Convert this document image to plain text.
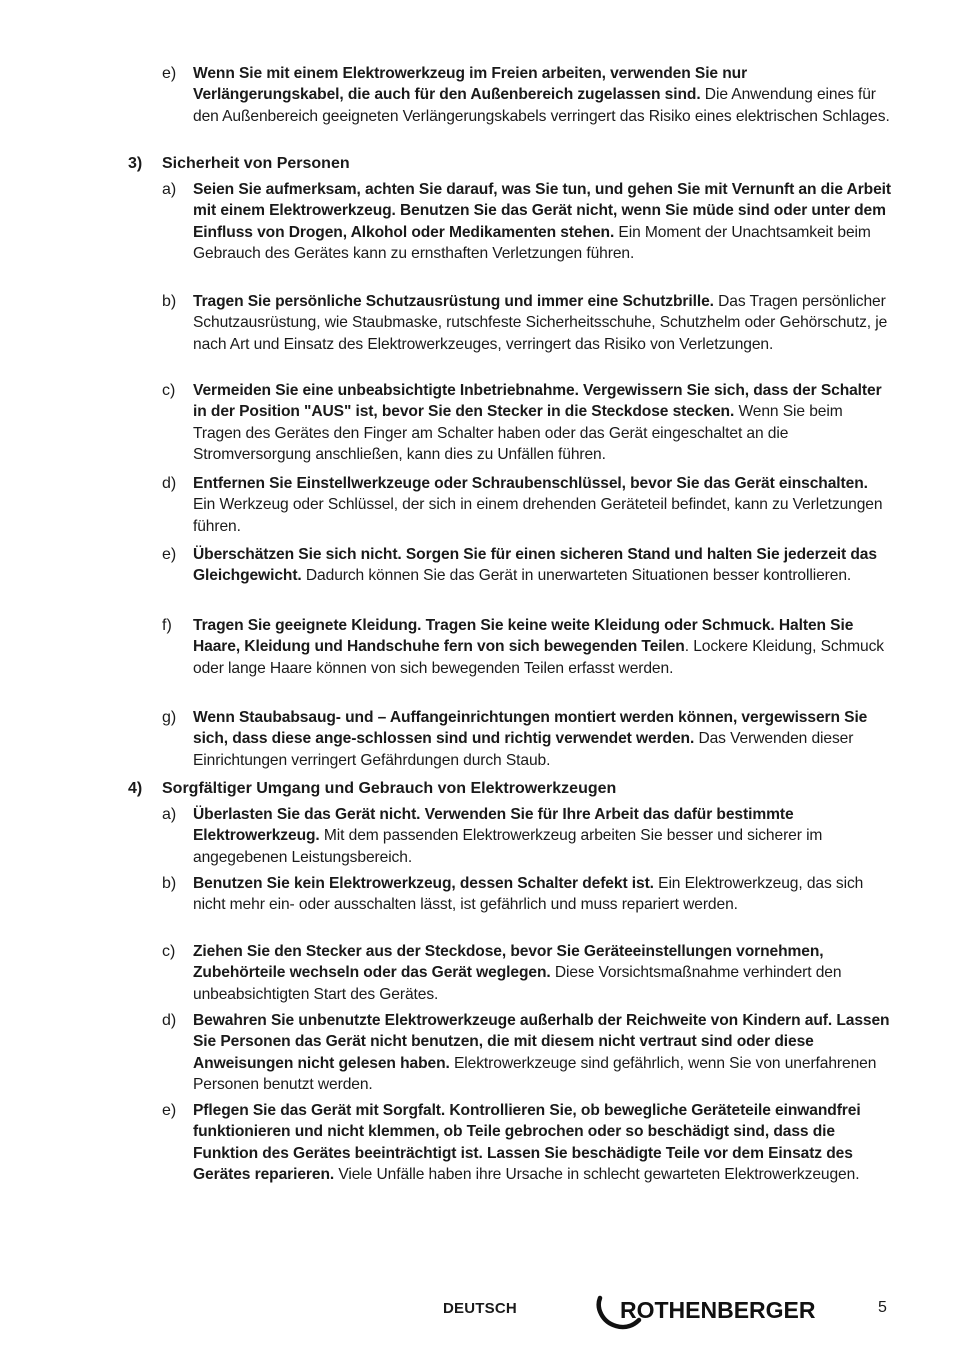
e) Wenn Sie mit einem Elektrowerkzeug im Freien arbeiten, verwenden Sie nur Verlängerungskabel, die auch für den Außenbereich zugelassen sind. Die Anwendung eines für den Außenbereich geeigneten Verlängerungskabels verringert das Risiko eines elektrischen Schlages.
3) Sicherheit von Personen
a) Seien Sie aufmerksam, achten Sie darauf, was Sie tun, und gehen Sie mit Vernunft an die Arbeit mit einem Elektrowerkzeug. Benutzen Sie das Gerät nicht, wenn Sie müde sind oder unter dem Einfluss von Drogen, Alkohol oder Medikamenten stehen. Ein Moment der Unachtsamkeit beim Gebrauch des Gerätes kann zu ernsthaften Verletzungen führen.
b) Tragen Sie persönliche Schutzausrüstung und immer eine Schutzbrille. Das Tragen persönlicher Schutzausrüstung, wie Staubmaske, rutschfeste Sicherheitsschuhe, Schutzhelm oder Gehörschutz, je nach Art und Einsatz des Elektrowerkzeuges, verringert das Risiko von Verletzungen.
c) Vermeiden Sie eine unbeabsichtigte Inbetriebnahme. Vergewissern Sie sich, dass der Schalter in der Position "AUS" ist, bevor Sie den Stecker in die Steckdose stecken. Wenn Sie beim Tragen des Gerätes den Finger am Schalter haben oder das Gerät eingeschaltet an die Stromversorgung anschließen, kann dies zu Unfällen führen.
d) Entfernen Sie Einstellwerkzeuge oder Schraubenschlüssel, bevor Sie das Gerät einschalten. Ein Werkzeug oder Schlüssel, der sich in einem drehenden Geräteteil befindet, kann zu Verletzungen führen.
e) Überschätzen Sie sich nicht. Sorgen Sie für einen sicheren Stand und halten Sie jederzeit das Gleichgewicht. Dadurch können Sie das Gerät in unerwarteten Situationen besser kontrollieren.
f) Tragen Sie geeignete Kleidung. Tragen Sie keine weite Kleidung oder Schmuck. Halten Sie Haare, Kleidung und Handschuhe fern von sich bewegenden Teilen. Lockere Kleidung, Schmuck oder lange Haare können von sich bewegenden Teilen erfasst werden.
g) Wenn Staubabsaug- und – Auffangeinrichtungen montiert werden können, vergewissern Sie sich, dass diese ange-schlossen sind und richtig verwendet werden. Das Verwenden dieser Einrichtungen verringert Gefährdungen durch Staub.
4) Sorgfältiger Umgang und Gebrauch von Elektrowerkzeugen
a) Überlasten Sie das Gerät nicht. Verwenden Sie für Ihre Arbeit das dafür bestimmte Elektrowerkzeug. Mit dem passenden Elektrowerkzeug arbeiten Sie besser und sicherer im angegebenen Leistungsbereich.
b) Benutzen Sie kein Elektrowerkzeug, dessen Schalter defekt ist. Ein Elektrowerkzeug, das sich nicht mehr ein- oder ausschalten lässt, ist gefährlich und muss repariert werden.
c) Ziehen Sie den Stecker aus der Steckdose, bevor Sie Geräteeinstellungen vornehmen, Zubehörteile wechseln oder das Gerät weglegen. Diese Vorsichtsmaßnahme verhindert den unbeabsichtigten Start des Gerätes.
d) Bewahren Sie unbenutzte Elektrowerkzeuge außerhalb der Reichweite von Kindern auf. Lassen Sie Personen das Gerät nicht benutzen, die mit diesem nicht vertraut sind oder diese Anweisungen nicht gelesen haben. Elektrowerkzeuge sind gefährlich, wenn Sie von unerfahrenen Personen benutzt werden.
e) Pflegen Sie das Gerät mit Sorgfalt. Kontrollieren Sie, ob bewegliche Geräteteile einwandfrei funktionieren und nicht klemmen, ob Teile gebrochen oder so beschädigt sind, dass die Funktion des Gerätes beeinträchtigt ist. Lassen Sie beschädigte Teile vor dem Einsatz des Gerätes reparieren. Viele Unfälle haben ihre Ursache in schlecht gewarteten Elektrowerkzeugen.
DEUTSCH	ROTHENBERGER	5
